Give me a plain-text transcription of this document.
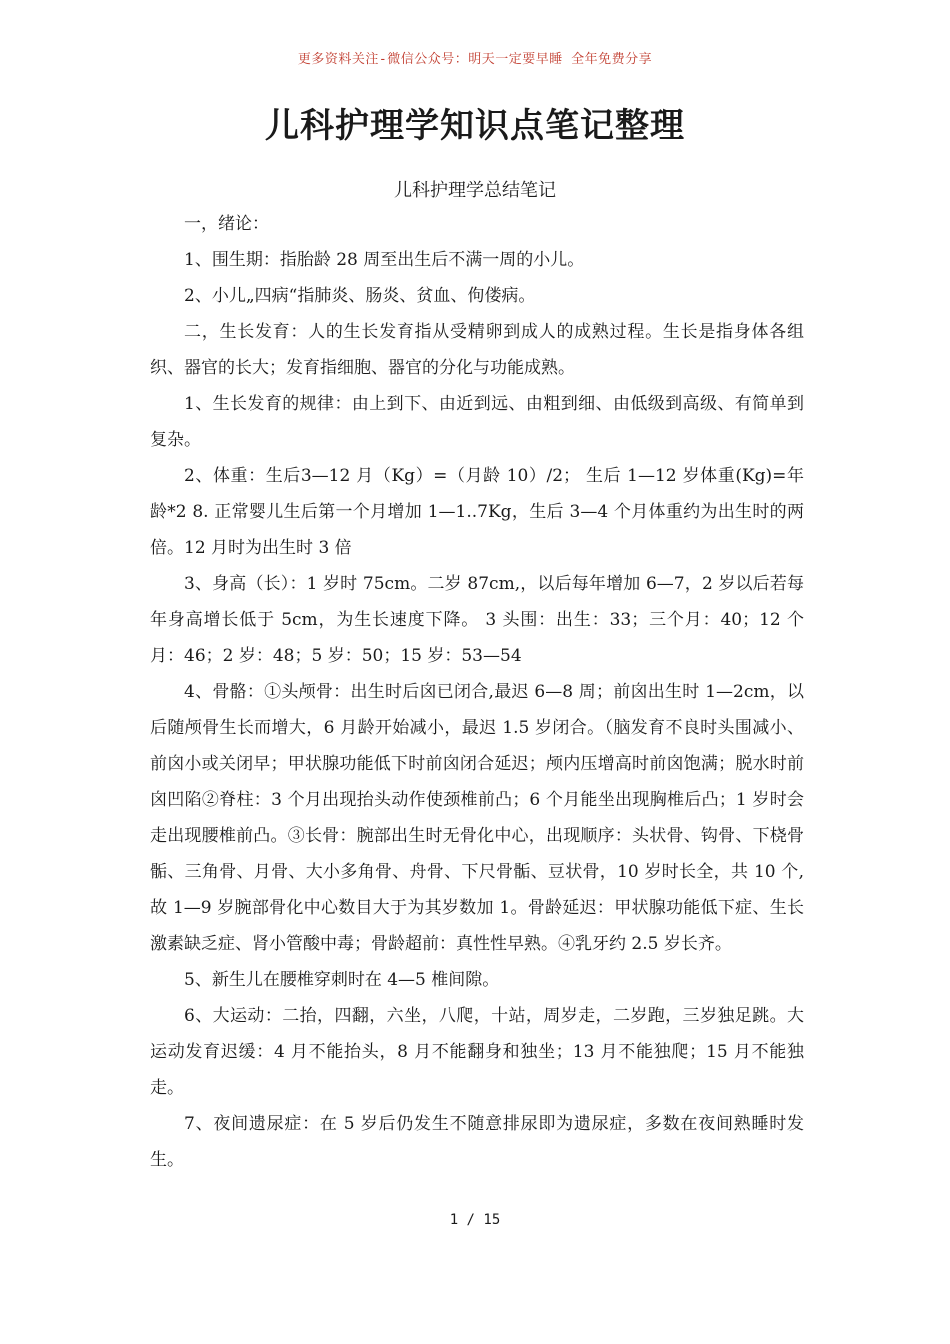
更多资料关注-微信公众号：明天一定要早睡 全年免费分享
儿科护理学知识点笔记整理
儿科护理学总结笔记

一，绪论：

1、围生期：指胎龄 28 周至出生后不满一周的小儿。

2、小儿„四病“指肺炎、肠炎、贫血、佝偻病。

二，生长发育：人的生长发育指从受精卵到成人的成熟过程。生长是指身体各组织、器官的长大；发育指细胞、器官的分化与功能成熟。

1、生长发育的规律：由上到下、由近到远、由粗到细、由低级到高级、有简单到复杂。

2、体重：生后3—12 月（Kg）=（月龄 10）/2； 生后 1—12 岁体重(Kg)=年龄*2 8. 正常婴儿生后第一个月增加 1—1..7Kg，生后 3—4 个月体重约为出生时的两倍。12 月时为出生时 3 倍

3、身高（长）：1 岁时 75cm。二岁 87cm,，以后每年增加 6—7，2 岁以后若每年身高增长低于 5cm，为生长速度下降。 3 头围：出生：33；三个月：40；12 个月：46；2 岁：48；5 岁：50；15 岁：53—54

4、骨骼：①头颅骨：出生时后囟已闭合,最迟 6—8 周；前囟出生时 1—2cm，以后随颅骨生长而增大，6 月龄开始减小，最迟 1.5 岁闭合。（脑发育不良时头围减小、前囟小或关闭早；甲状腺功能低下时前囟闭合延迟；颅内压增高时前囟饱满；脱水时前囟凹陷②脊柱：3 个月出现抬头动作使颈椎前凸；6 个月能坐出现胸椎后凸；1 岁时会走出现腰椎前凸。③长骨：腕部出生时无骨化中心，出现顺序：头状骨、钩骨、下桡骨骺、三角骨、月骨、大小多角骨、舟骨、下尺骨骺、豆状骨，10 岁时长全，共 10 个,故 1—9 岁腕部骨化中心数目大于为其岁数加 1。骨龄延迟：甲状腺功能低下症、生长激素缺乏症、肾小管酸中毒；骨龄超前：真性性早熟。④乳牙约 2.5 岁长齐。

5、新生儿在腰椎穿刺时在 4—5 椎间隙。

6、大运动：二抬，四翻，六坐，八爬，十站，周岁走，二岁跑，三岁独足跳。大运动发育迟缓：4 月不能抬头，8 月不能翻身和独坐；13 月不能独爬；15 月不能独走。

7、夜间遗尿症：在 5 岁后仍发生不随意排尿即为遗尿症，多数在夜间熟睡时发生。

1 / 15
